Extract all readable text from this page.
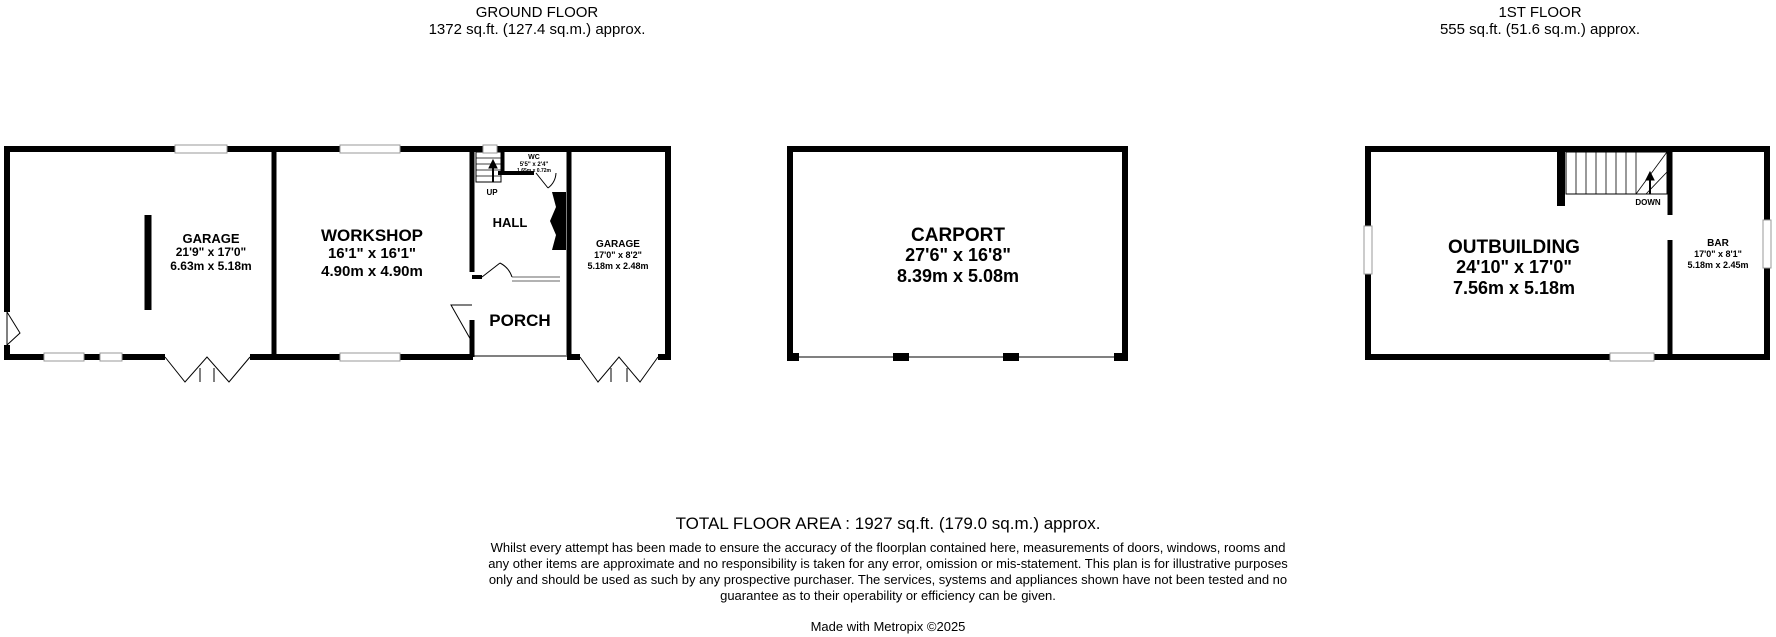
GROUND FLOOR
1372 sq.ft. (127.4 sq.m.) approx.
1ST FLOOR
555 sq.ft. (51.6 sq.m.) approx.
GARAGE
21'9" x 17'0"
6.63m x 5.18m
WORKSHOP
16'1" x 16'1"
4.90m x 4.90m
HALL
UP
WC
5'5" x 2'4"
1.65m x 0.72m
PORCH
GARAGE
17'0" x 8'2"
5.18m x 2.48m
CARPORT
27'6" x 16'8"
8.39m x 5.08m
OUTBUILDING
24'10" x 17'0"
7.56m x 5.18m
DOWN
BAR
17'0" x 8'1"
5.18m x 2.45m
TOTAL FLOOR AREA : 1927 sq.ft. (179.0 sq.m.) approx.
Whilst every attempt has been made to ensure the accuracy of the floorplan contained here, measurements of doors, windows, rooms and any other items are approximate and no responsibility is taken for any error, omission or mis-statement. This plan is for illustrative purposes only and should be used as such by any prospective purchaser. The services, systems and appliances shown have not been tested and no guarantee as to their operability or efficiency can be given.
Made with Metropix ©2025
